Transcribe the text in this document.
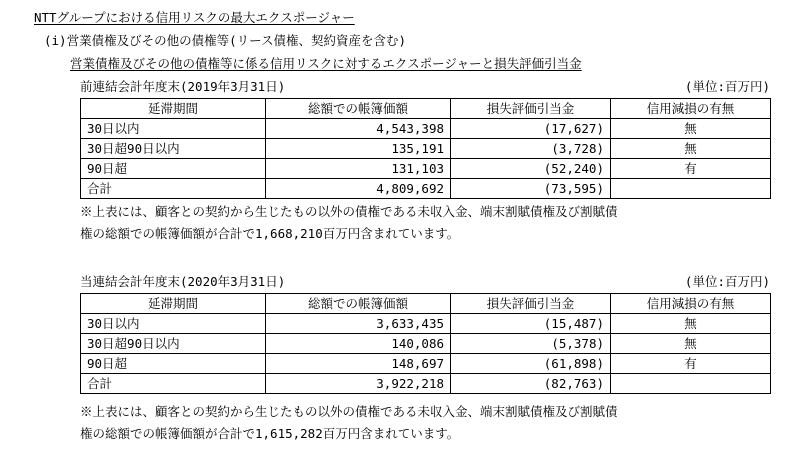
NTTグループにおける信用リスクの最大エクスポージャー
(i)営業債権及びその他の債権等(リース債権、契約資産を含む)
営業債権及びその他の債権等に係る信用リスクに対するエクスポージャーと損失評価引当金
前連結会計年度末(2019年3月31日)	(単位:百万円)
延滞期間	総額での帳簿価額	損失評価引当金	信用減損の有無
30日以内	4,543,398	(17,627)	無
30日超90日以内	135,191	(3,728)	無
90日超	131,103	(52,240)	有
合計	4,809,692	(73,595)	
※上表には、顧客との契約から生じたもの以外の債権である未収入金、端末割賦債権及び割賦債
権の総額での帳簿価額が合計で1,668,210百万円含まれています。
当連結会計年度末(2020年3月31日)	(単位:百万円)
延滞期間	総額での帳簿価額	損失評価引当金	信用減損の有無
30日以内	3,633,435	(15,487)	無
30日超90日以内	140,086	(5,378)	無
90日超	148,697	(61,898)	有
合計	3,922,218	(82,763)	
※上表には、顧客との契約から生じたもの以外の債権である未収入金、端末割賦債権及び割賦債
権の総額での帳簿価額が合計で1,615,282百万円含まれています。
